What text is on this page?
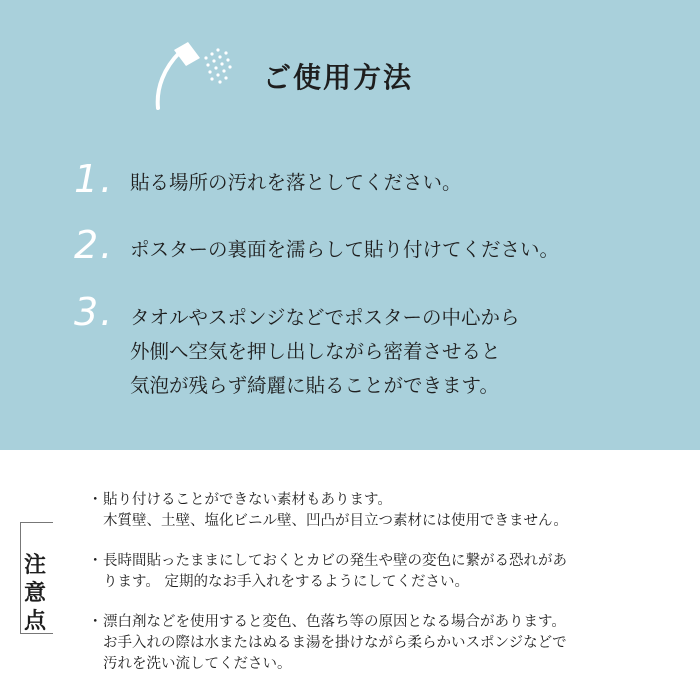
ご使用方法
1. 貼る場所の汚れを落としてください。
2. ポスターの裏面を濡らして貼り付けてください。
3. タオルやスポンジなどでポスターの中心から
外側へ空気を押し出しながら密着させると
気泡が残らず綺麗に貼ることができます。
注
意
点
・ 貼り付けることができない素材もあります。
木質壁、土壁、塩化ビニル壁、凹凸が目立つ素材には使用できません。
・ 長時間貼ったままにしておくとカビの発生や壁の変色に繋がる恐れがあ
ります。 定期的なお手入れをするようにしてください。
・ 漂白剤などを使用すると変色、色落ち等の原因となる場合があります。
お手入れの際は水またはぬるま湯を掛けながら柔らかいスポンジなどで
汚れを洗い流してください。
